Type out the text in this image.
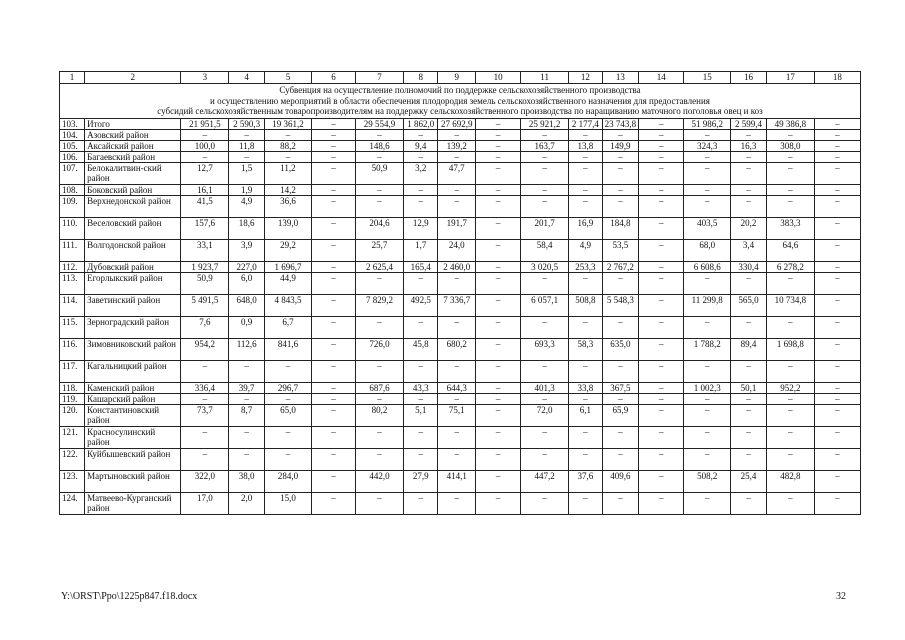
1	2	3	4	5	6	7	8	9	10	11	12	13	14	15	16	17	18

Субвенция на осуществление полномочий по поддержке сельскохозяйственного производства
и осуществлению мероприятий в области обеспечения плодородия земель сельскохозяйственного назначения для предоставления
субсидий сельскохозяйственным товаропроизводителям на поддержку сельскохозяйственного производства по наращиванию маточного поголовья овец и коз																	

103.	Итого	21 951,5	2 590,3	19 361,2	–	29 554,9	1 862,0	27 692,9	–	25 921,2	2 177,4	23 743,8	–	51 986,2	2 599,4	49 386,8	–
104.	Азовский район	–	–	–	–	–	–	–	–	–	–	–	–	–	–	–	–
105.	Аксайский район	100,0	11,8	88,2	–	148,6	9,4	139,2	–	163,7	13,8	149,9	–	324,3	16,3	308,0	–
106.	Багаевский район	–	–	–	–	–	–	–	–	–	–	–	–	–	–	–	–
107.	Белокалитвин-ский район	12,7	1,5	11,2	–	50,9	3,2	47,7	–	–	–	–	–	–	–	–	–
108.	Боковский район	16,1	1,9	14,2	–	–	–	–	–	–	–	–	–	–	–	–	–
109.	Верхнедонской район	41,5	4,9	36,6	–	–	–	–	–	–	–	–	–	–	–	–	–
110.	Веселовский район	157,6	18,6	139,0	–	204,6	12,9	191,7	–	201,7	16,9	184,8	–	403,5	20,2	383,3	–
111.	Волгодонской район	33,1	3,9	29,2	–	25,7	1,7	24,0	–	58,4	4,9	53,5	–	68,0	3,4	64,6	–
112.	Дубовский район	1 923,7	227,0	1 696,7	–	2 625,4	165,4	2 460,0	–	3 020,5	253,3	2 767,2	–	6 608,6	330,4	6 278,2	–
113.	Егорлыкский район	50,9	6,0	44,9	–	–	–	–	–	–	–	–	–	–	–	–	–
114.	Заветинский район	5 491,5	648,0	4 843,5	–	7 829,2	492,5	7 336,7	–	6 057,1	508,8	5 548,3	–	11 299,8	565,0	10 734,8	–
115.	Зерноградский район	7,6	0,9	6,7	–	–	–	–	–	–	–	–	–	–	–	–	–
116.	Зимовниковский район	954,2	112,6	841,6	–	726,0	45,8	680,2	–	693,3	58,3	635,0	–	1 788,2	89,4	1 698,8	–
117.	Кагальницкий район	–	–	–	–	–	–	–	–	–	–	–	–	–	–	–	–
118.	Каменский район	336,4	39,7	296,7	–	687,6	43,3	644,3	–	401,3	33,8	367,5	–	1 002,3	50,1	952,2	–
119.	Кашарский район	–	–	–	–	–	–	–	–	–	–	–	–	–	–	–	–
120.	Константиновский район	73,7	8,7	65,0	–	80,2	5,1	75,1	–	72,0	6,1	65,9	–	–	–	–	–
121.	Красносулинский район	–	–	–	–	–	–	–	–	–	–	–	–	–	–	–	–
122.	Куйбышевский район	–	–	–	–	–	–	–	–	–	–	–	–	–	–	–	–
123.	Мартыновский район	322,0	38,0	284,0	–	442,0	27,9	414,1	–	447,2	37,6	409,6	–	508,2	25,4	482,8	–
124.	Матвеево-Курганский район	17,0	2,0	15,0	–	–	–	–	–	–	–	–	–	–	–	–	–
Y:\ORST\Ppo\1225p847.f18.docx	32
